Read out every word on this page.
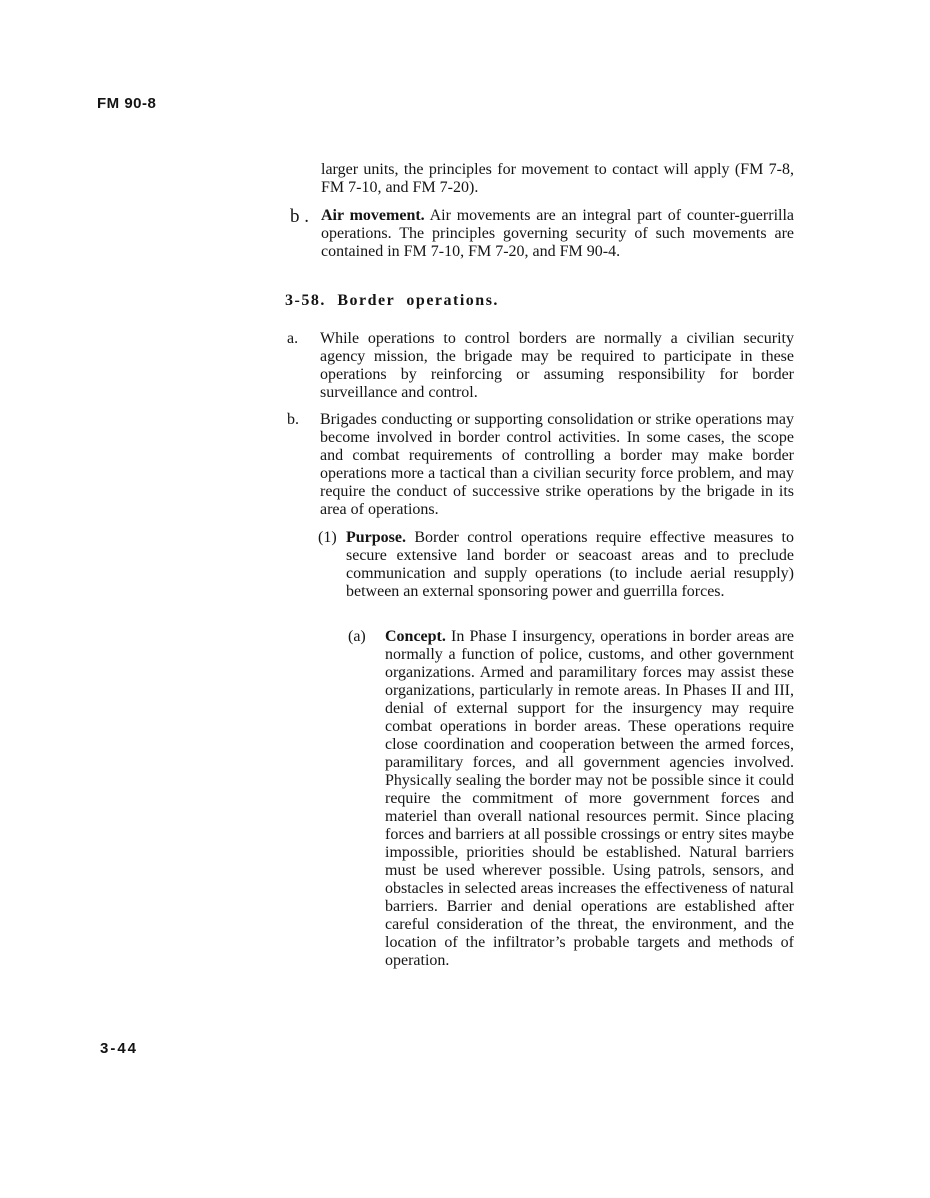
FM 90-8
larger units, the principles for movement to contact will apply (FM 7-8, FM 7-10, and FM 7-20).
b . Air movement. Air movements are an integral part of counter-guerrilla operations. The principles governing security of such movements are contained in FM 7-10, FM 7-20, and FM 90-4.
3-58. Border operations.
a. While operations to control borders are normally a civilian security agency mission, the brigade may be required to participate in these operations by reinforcing or assuming responsibility for border surveillance and control.
b. Brigades conducting or supporting consolidation or strike operations may become involved in border control activities. In some cases, the scope and combat requirements of controlling a border may make border operations more a tactical than a civilian security force problem, and may require the conduct of successive strike operations by the brigade in its area of operations.
(1) Purpose. Border control operations require effective measures to secure extensive land border or seacoast areas and to preclude communication and supply operations (to include aerial resupply) between an external sponsoring power and guerrilla forces.
(a) Concept. In Phase I insurgency, operations in border areas are normally a function of police, customs, and other government organizations. Armed and paramilitary forces may assist these organizations, particularly in remote areas. In Phases II and III, denial of external support for the insurgency may require combat operations in border areas. These operations require close coordination and cooperation between the armed forces, paramilitary forces, and all government agencies involved. Physically sealing the border may not be possible since it could require the commitment of more government forces and materiel than overall national resources permit. Since placing forces and barriers at all possible crossings or entry sites maybe impossible, priorities should be established. Natural barriers must be used wherever possible. Using patrols, sensors, and obstacles in selected areas increases the effectiveness of natural barriers. Barrier and denial operations are established after careful consideration of the threat, the environment, and the location of the infiltrator’s probable targets and methods of operation.
3-44
